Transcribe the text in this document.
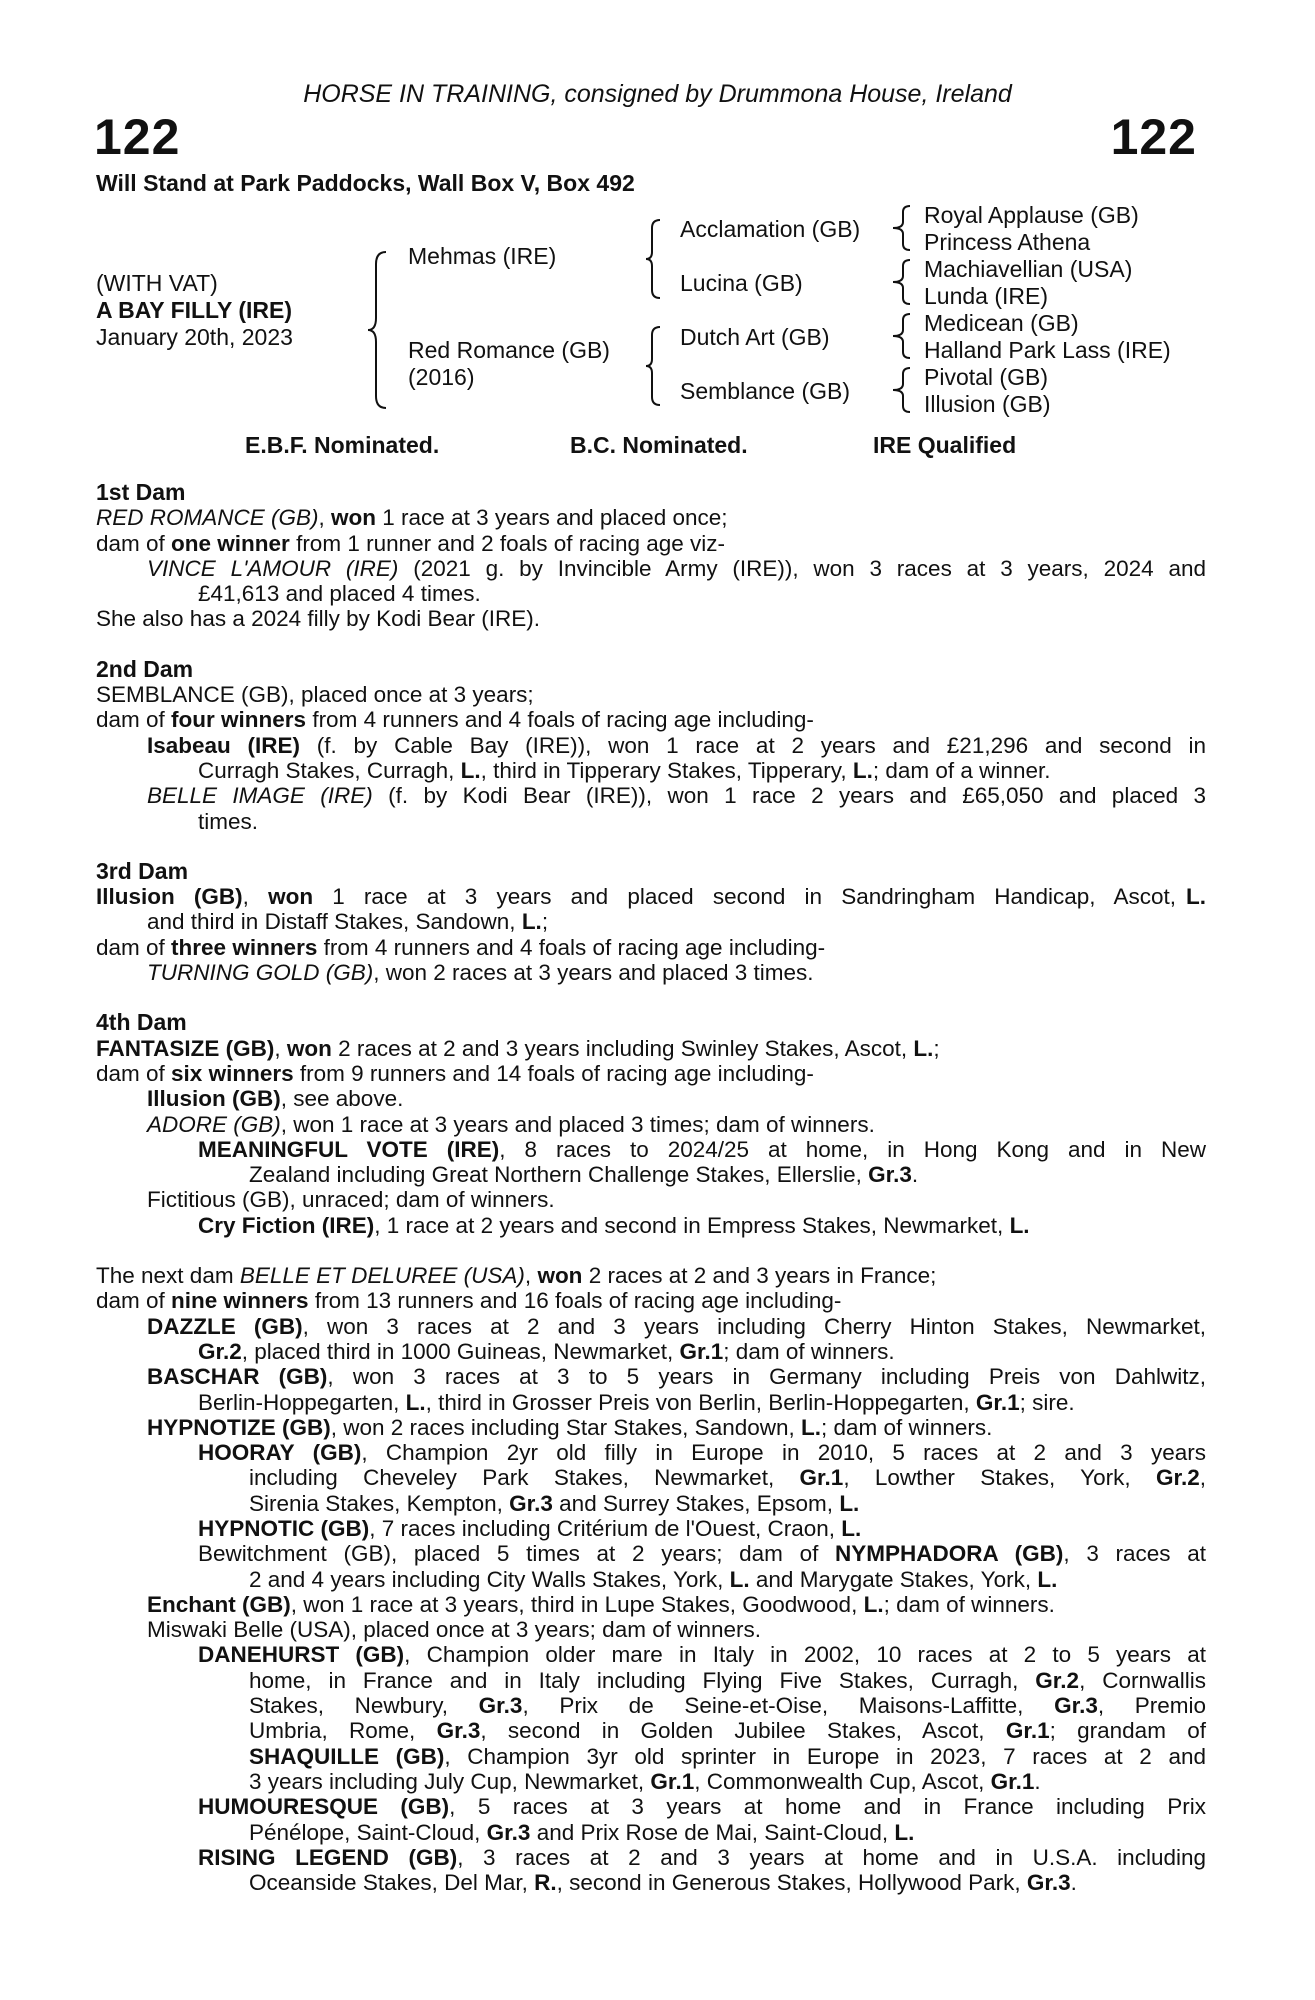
HORSE IN TRAINING, consigned by Drummona House, Ireland
122	122
Will Stand at Park Paddocks, Wall Box V, Box 492
(WITH VAT)
A BAY FILLY (IRE)
January 20th, 2023
Mehmas (IRE)
Red Romance (GB)
(2016)
Acclamation (GB)
Lucina (GB)
Dutch Art (GB)
Semblance (GB)
Royal Applause (GB)
Princess Athena
Machiavellian (USA)
Lunda (IRE)
Medicean (GB)
Halland Park Lass (IRE)
Pivotal (GB)
Illusion (GB)
E.B.F. Nominated.	B.C. Nominated.	IRE Qualified
1st Dam
RED ROMANCE (GB), won 1 race at 3 years and placed once;
dam of one winner from 1 runner and 2 foals of racing age viz-
VINCE L'AMOUR (IRE) (2021 g. by Invincible Army (IRE)), won 3 races at 3 years, 2024 and
£41,613 and placed 4 times.
She also has a 2024 filly by Kodi Bear (IRE).
2nd Dam
SEMBLANCE (GB), placed once at 3 years;
dam of four winners from 4 runners and 4 foals of racing age including-
Isabeau (IRE) (f. by Cable Bay (IRE)), won 1 race at 2 years and £21,296 and second in
Curragh Stakes, Curragh, L., third in Tipperary Stakes, Tipperary, L.; dam of a winner.
BELLE IMAGE (IRE) (f. by Kodi Bear (IRE)), won 1 race 2 years and £65,050 and placed 3
times.
3rd Dam
Illusion (GB), won 1 race at 3 years and placed second in Sandringham Handicap, Ascot, L.
and third in Distaff Stakes, Sandown, L.;
dam of three winners from 4 runners and 4 foals of racing age including-
TURNING GOLD (GB), won 2 races at 3 years and placed 3 times.
4th Dam
FANTASIZE (GB), won 2 races at 2 and 3 years including Swinley Stakes, Ascot, L.;
dam of six winners from 9 runners and 14 foals of racing age including-
Illusion (GB), see above.
ADORE (GB), won 1 race at 3 years and placed 3 times; dam of winners.
MEANINGFUL VOTE (IRE), 8 races to 2024/25 at home, in Hong Kong and in New
Zealand including Great Northern Challenge Stakes, Ellerslie, Gr.3.
Fictitious (GB), unraced; dam of winners.
Cry Fiction (IRE), 1 race at 2 years and second in Empress Stakes, Newmarket, L.
The next dam BELLE ET DELUREE (USA), won 2 races at 2 and 3 years in France;
dam of nine winners from 13 runners and 16 foals of racing age including-
DAZZLE (GB), won 3 races at 2 and 3 years including Cherry Hinton Stakes, Newmarket,
Gr.2, placed third in 1000 Guineas, Newmarket, Gr.1; dam of winners.
BASCHAR (GB), won 3 races at 3 to 5 years in Germany including Preis von Dahlwitz,
Berlin-Hoppegarten, L., third in Grosser Preis von Berlin, Berlin-Hoppegarten, Gr.1; sire.
HYPNOTIZE (GB), won 2 races including Star Stakes, Sandown, L.; dam of winners.
HOORAY (GB), Champion 2yr old filly in Europe in 2010, 5 races at 2 and 3 years
including Cheveley Park Stakes, Newmarket, Gr.1, Lowther Stakes, York, Gr.2,
Sirenia Stakes, Kempton, Gr.3 and Surrey Stakes, Epsom, L.
HYPNOTIC (GB), 7 races including Critérium de l'Ouest, Craon, L.
Bewitchment (GB), placed 5 times at 2 years; dam of NYMPHADORA (GB), 3 races at
2 and 4 years including City Walls Stakes, York, L. and Marygate Stakes, York, L.
Enchant (GB), won 1 race at 3 years, third in Lupe Stakes, Goodwood, L.; dam of winners.
Miswaki Belle (USA), placed once at 3 years; dam of winners.
DANEHURST (GB), Champion older mare in Italy in 2002, 10 races at 2 to 5 years at
home, in France and in Italy including Flying Five Stakes, Curragh, Gr.2, Cornwallis
Stakes, Newbury, Gr.3, Prix de Seine-et-Oise, Maisons-Laffitte, Gr.3, Premio
Umbria, Rome, Gr.3, second in Golden Jubilee Stakes, Ascot, Gr.1; grandam of
SHAQUILLE (GB), Champion 3yr old sprinter in Europe in 2023, 7 races at 2 and
3 years including July Cup, Newmarket, Gr.1, Commonwealth Cup, Ascot, Gr.1.
HUMOURESQUE (GB), 5 races at 3 years at home and in France including Prix
Pénélope, Saint-Cloud, Gr.3 and Prix Rose de Mai, Saint-Cloud, L.
RISING LEGEND (GB), 3 races at 2 and 3 years at home and in U.S.A. including
Oceanside Stakes, Del Mar, R., second in Generous Stakes, Hollywood Park, Gr.3.
